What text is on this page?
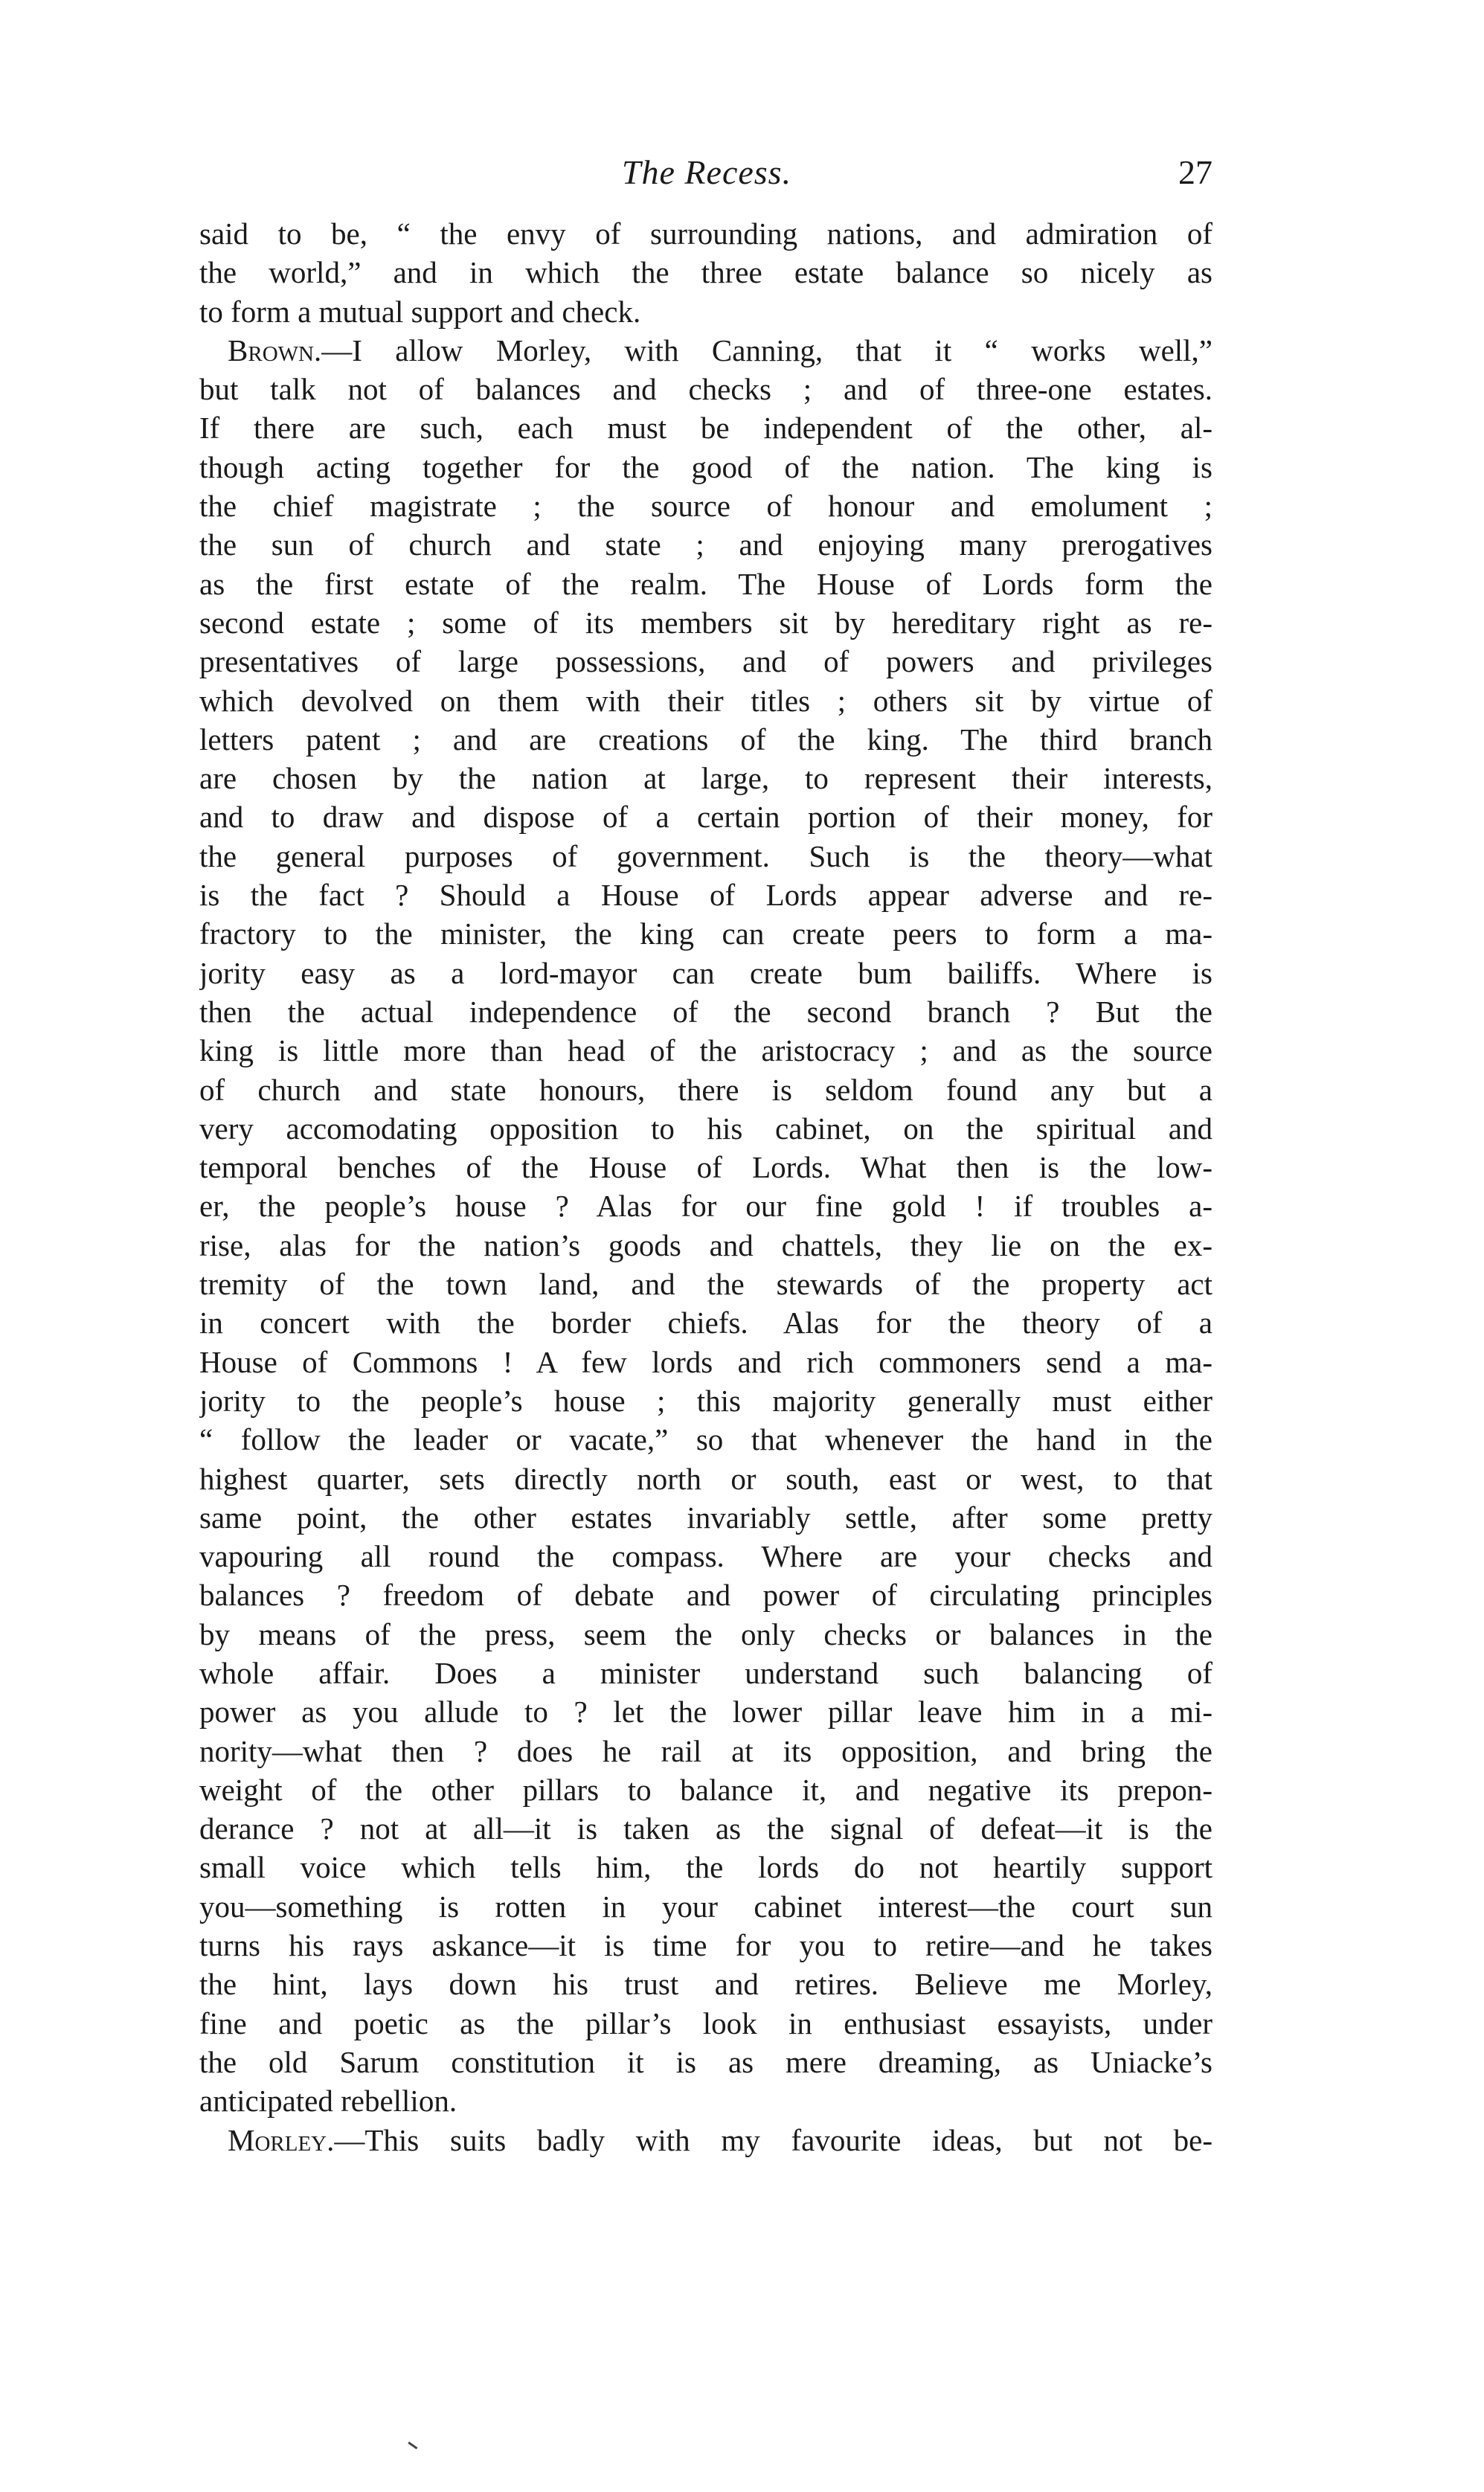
The Recess.	27
said to be, “ the envy of surrounding nations, and admiration of
the world,” and in which the three estate balance so nicely as
to form a mutual support and check.
Brown.—I allow Morley, with Canning, that it “ works well,”
but talk not of balances and checks ; and of three-one estates.
If there are such, each must be independent of the other, al-
though acting together for the good of the nation. The king is
the chief magistrate ; the source of honour and emolument ;
the sun of church and state ; and enjoying many prerogatives
as the first estate of the realm. The House of Lords form the
second estate ; some of its members sit by hereditary right as re-
presentatives of large possessions, and of powers and privileges
which devolved on them with their titles ; others sit by virtue of
letters patent ; and are creations of the king. The third branch
are chosen by the nation at large, to represent their interests,
and to draw and dispose of a certain portion of their money, for
the general purposes of government. Such is the theory—what
is the fact ? Should a House of Lords appear adverse and re-
fractory to the minister, the king can create peers to form a ma-
jority easy as a lord-mayor can create bum bailiffs. Where is
then the actual independence of the second branch ? But the
king is little more than head of the aristocracy ; and as the source
of church and state honours, there is seldom found any but a
very accomodating opposition to his cabinet, on the spiritual and
temporal benches of the House of Lords. What then is the low-
er, the people’s house ? Alas for our fine gold ! if troubles a-
rise, alas for the nation’s goods and chattels, they lie on the ex-
tremity of the town land, and the stewards of the property act
in concert with the border chiefs. Alas for the theory of a
House of Commons ! A few lords and rich commoners send a ma-
jority to the people’s house ; this majority generally must either
“ follow the leader or vacate,” so that whenever the hand in the
highest quarter, sets directly north or south, east or west, to that
same point, the other estates invariably settle, after some pretty
vapouring all round the compass. Where are your checks and
balances ? freedom of debate and power of circulating principles
by means of the press, seem the only checks or balances in the
whole affair. Does a minister understand such balancing of
power as you allude to ? let the lower pillar leave him in a mi-
nority—what then ? does he rail at its opposition, and bring the
weight of the other pillars to balance it, and negative its prepon-
derance ? not at all—it is taken as the signal of defeat—it is the
small voice which tells him, the lords do not heartily support
you—something is rotten in your cabinet interest—the court sun
turns his rays askance—it is time for you to retire—and he takes
the hint, lays down his trust and retires. Believe me Morley,
fine and poetic as the pillar’s look in enthusiast essayists, under
the old Sarum constitution it is as mere dreaming, as Uniacke’s
anticipated rebellion.
Morley.—This suits badly with my favourite ideas, but not be-
